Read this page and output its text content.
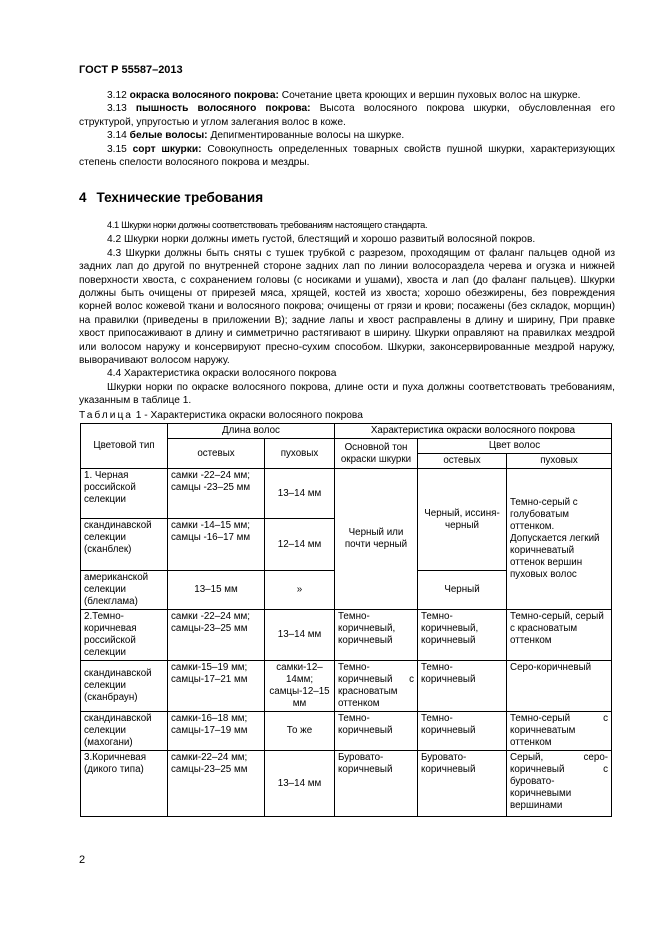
ГОСТ Р 55587–2013

3.12 окраска волосяного покрова: Сочетание цвета кроющих и вершин пуховых волос на шкурке.

3.13 пышность волосяного покрова: Высота волосяного покрова шкурки, обусловленная его структурой, упругостью и углом залегания волос в коже.

3.14 белые волосы: Депигментированные волосы на шкурке.

3.15 сорт шкурки: Совокупность определенных товарных свойств пушной шкурки, характеризующих степень спелости волосяного покрова и мездры.

4 Технические требования

4.1 Шкурки норки должны соответствовать требованиям настоящего стандарта.

4.2 Шкурки норки должны иметь густой, блестящий и хорошо развитый волосяной покров.

4.3 Шкурки должны быть сняты с тушек трубкой с разрезом, проходящим от фаланг пальцев одной из задних лап до другой по внутренней стороне задних лап по линии волосораздела черева и огузка и нижней поверхности хвоста, с сохранением головы (с носиками и ушами), хвоста и лап (до фаланг пальцев). Шкурки должны быть очищены от прирезей мяса, хрящей, костей из хвоста; хорошо обезжирены, без повреждения корней волос кожевой ткани и волосяного покрова; очищены от грязи и крови; посажены (без складок, морщин) на правилки (приведены в приложении В); задние лапы и хвост расправлены в длину и ширину, При правке хвост припосаживают в длину и симметрично растягивают в ширину. Шкурки оправляют на правилках мездрой или волосом наружу и консервируют пресно-сухим способом. Шкурки, законсервированные мездрой наружу, выворачивают волосом наружу.

4.4 Характеристика окраски волосяного покрова

Шкурки норки по окраске волосяного покрова, длине ости и пуха должны соответствовать требованиям, указанным в таблице 1.

Таблица 1 - Характеристика окраски волосяного покрова
Цветовой тип	Длина волос		Характеристика окраски волосяного покрова		
	остевых	пуховых	Основной тон окраски шкурки	Цвет волос	
				остевых	пуховых
1. Черная российской селекции	самки -22–24 мм; самцы -23–25 мм	13–14 мм	Черный или почти черный	Черный, иссиня-черный	Темно-серый с голубоватым оттенком. Допускается легкий коричневатый оттенок вершин пуховых волос
скандинавской селекции (сканблек)	самки -14–15 мм; самцы -16–17 мм	12–14 мм			
американской селекции (блекглама)	13–15 мм	»		Черный	
2.Темно-коричневая российской селекции	самки -22–24 мм; самцы-23–25 мм	13–14 мм	Темно-коричневый, коричневый	Темно-коричневый, коричневый	Темно-серый, серый с красноватым оттенком
скандинавской селекции (сканбраун)	самки-15–19 мм; самцы-17–21 мм	самки-12–14мм; самцы-12–15 мм	Темно-коричневый с красноватым оттенком	Темно-коричневый	Серо-коричневый
скандинавской селекции (махогани)	самки-16–18 мм; самцы-17–19 мм	То же	Темно-коричневый	Темно-коричневый	Темно-серый с коричневатым оттенком
3.Коричневая (дикого типа)	самки-22–24 мм; самцы-23–25 мм	13–14 мм	Буровато-коричневый	Буровато-коричневый	Серый, серо-коричневый с буровато-коричневыми вершинами
2
